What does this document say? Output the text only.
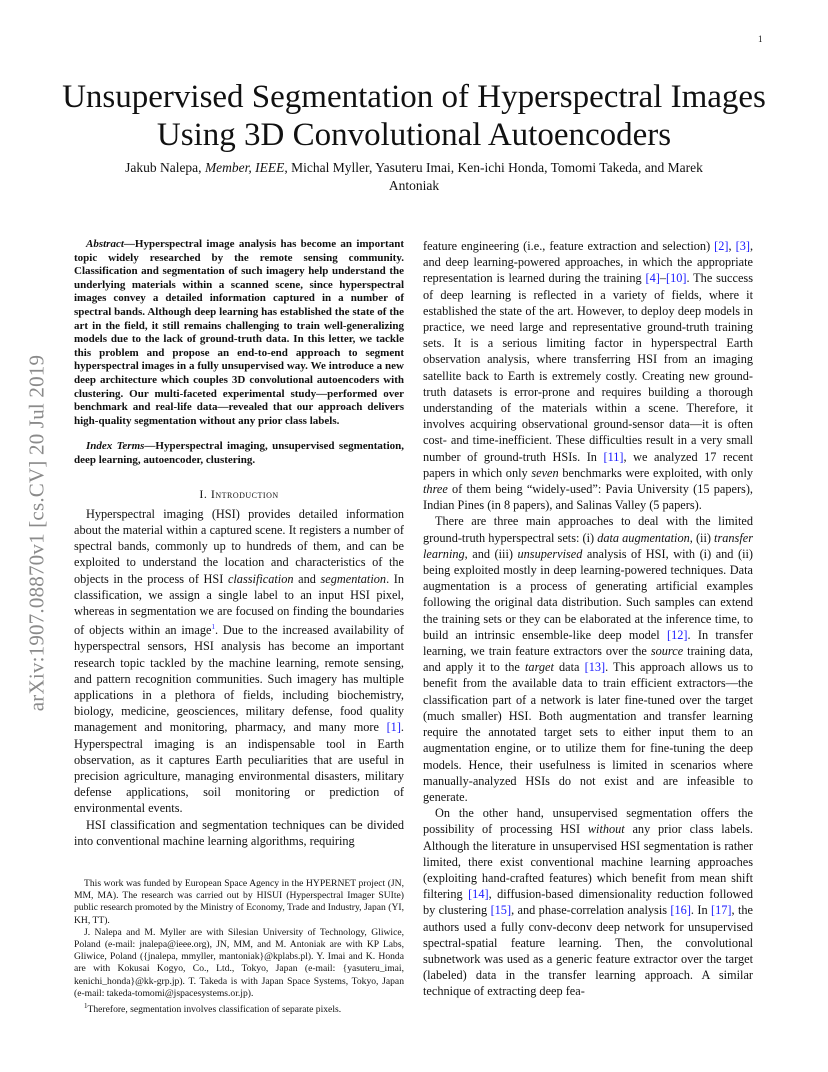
1
arXiv:1907.08870v1 [cs.CV] 20 Jul 2019
Unsupervised Segmentation of Hyperspectral Images Using 3D Convolutional Autoencoders
Jakub Nalepa, Member, IEEE, Michal Myller, Yasuteru Imai, Ken-ichi Honda, Tomomi Takeda, and Marek Antoniak

Abstract—Hyperspectral image analysis has become an important topic widely researched by the remote sensing community. Classification and segmentation of such imagery help understand the underlying materials within a scanned scene, since hyperspectral images convey a detailed information captured in a number of spectral bands. Although deep learning has established the state of the art in the field, it still remains challenging to train well-generalizing models due to the lack of ground-truth data. In this letter, we tackle this problem and propose an end-to-end approach to segment hyperspectral images in a fully unsupervised way. We introduce a new deep architecture which couples 3D convolutional autoencoders with clustering. Our multi-faceted experimental study—performed over benchmark and real-life data—revealed that our approach delivers high-quality segmentation without any prior class labels.

Index Terms—Hyperspectral imaging, unsupervised segmentation, deep learning, autoencoder, clustering.

I. Introduction

Hyperspectral imaging (HSI) provides detailed information about the material within a captured scene. It registers a number of spectral bands, commonly up to hundreds of them, and can be exploited to understand the location and characteristics of the objects in the process of HSI classification and segmentation. In classification, we assign a single label to an input HSI pixel, whereas in segmentation we are focused on finding the boundaries of objects within an image$^1$. Due to the increased availability of hyperspectral sensors, HSI analysis has become an important research topic tackled by the machine learning, remote sensing, and pattern recognition communities. Such imagery has multiple applications in a plethora of fields, including biochemistry, biology, medicine, geosciences, military defense, food quality management and monitoring, pharmacy, and many more [1]. Hyperspectral imaging is an indispensable tool in Earth observation, as it captures Earth peculiarities that are useful in precision agriculture, managing environmental disasters, military defense applications, soil monitoring or prediction of environmental events.

HSI classification and segmentation techniques can be divided into conventional machine learning algorithms, requiring

This work was funded by European Space Agency in the HYPERNET project (JN, MM, MA). The research was carried out by HISUI (Hyperspectral Imager SUIte) public research promoted by the Ministry of Economy, Trade and Industry, Japan (YI, KH, TT).

J. Nalepa and M. Myller are with Silesian University of Technology, Gliwice, Poland (e-mail: jnalepa@ieee.org), JN, MM, and M. Antoniak are with KP Labs, Gliwice, Poland ({jnalepa, mmyller, mantoniak}@kplabs.pl). Y. Imai and K. Honda are with Kokusai Kogyo, Co., Ltd., Tokyo, Japan (e-mail: {yasuteru_imai, kenichi_honda}@kk-grp.jp). T. Takeda is with Japan Space Systems, Tokyo, Japan (e-mail: takeda-tomomi@jspacesystems.or.jp).

$^1$Therefore, segmentation involves classification of separate pixels.

feature engineering (i.e., feature extraction and selection) [2], [3], and deep learning-powered approaches, in which the appropriate representation is learned during the training [4]–[10]. The success of deep learning is reflected in a variety of fields, where it established the state of the art. However, to deploy deep models in practice, we need large and representative ground-truth training sets. It is a serious limiting factor in hyperspectral Earth observation analysis, where transferring HSI from an imaging satellite back to Earth is extremely costly. Creating new ground-truth datasets is error-prone and requires building a thorough understanding of the materials within a scene. Therefore, it involves acquiring observational ground-sensor data—it is often cost- and time-inefficient. These difficulties result in a very small number of ground-truth HSIs. In [11], we analyzed 17 recent papers in which only seven benchmarks were exploited, with only three of them being “widely-used”: Pavia University (15 papers), Indian Pines (in 8 papers), and Salinas Valley (5 papers).

There are three main approaches to deal with the limited ground-truth hyperspectral sets: (i) data augmentation, (ii) transfer learning, and (iii) unsupervised analysis of HSI, with (i) and (ii) being exploited mostly in deep learning-powered techniques. Data augmentation is a process of generating artificial examples following the original data distribution. Such samples can extend the training sets or they can be elaborated at the inference time, to build an intrinsic ensemble-like deep model [12]. In transfer learning, we train feature extractors over the source training data, and apply it to the target data [13]. This approach allows us to benefit from the available data to train efficient extractors—the classification part of a network is later fine-tuned over the target (much smaller) HSI. Both augmentation and transfer learning require the annotated target sets to either input them to an augmentation engine, or to utilize them for fine-tuning the deep models. Hence, their usefulness is limited in scenarios where manually-analyzed HSIs do not exist and are infeasible to generate.

On the other hand, unsupervised segmentation offers the possibility of processing HSI without any prior class labels. Although the literature in unsupervised HSI segmentation is rather limited, there exist conventional machine learning approaches (exploiting hand-crafted features) which benefit from mean shift filtering [14], diffusion-based dimensionality reduction followed by clustering [15], and phase-correlation analysis [16]. In [17], the authors used a fully conv-deconv deep network for unsupervised spectral-spatial feature learning. Then, the convolutional subnetwork was used as a generic feature extractor over the target (labeled) data in the transfer learning approach. A similar technique of extracting deep fea-
